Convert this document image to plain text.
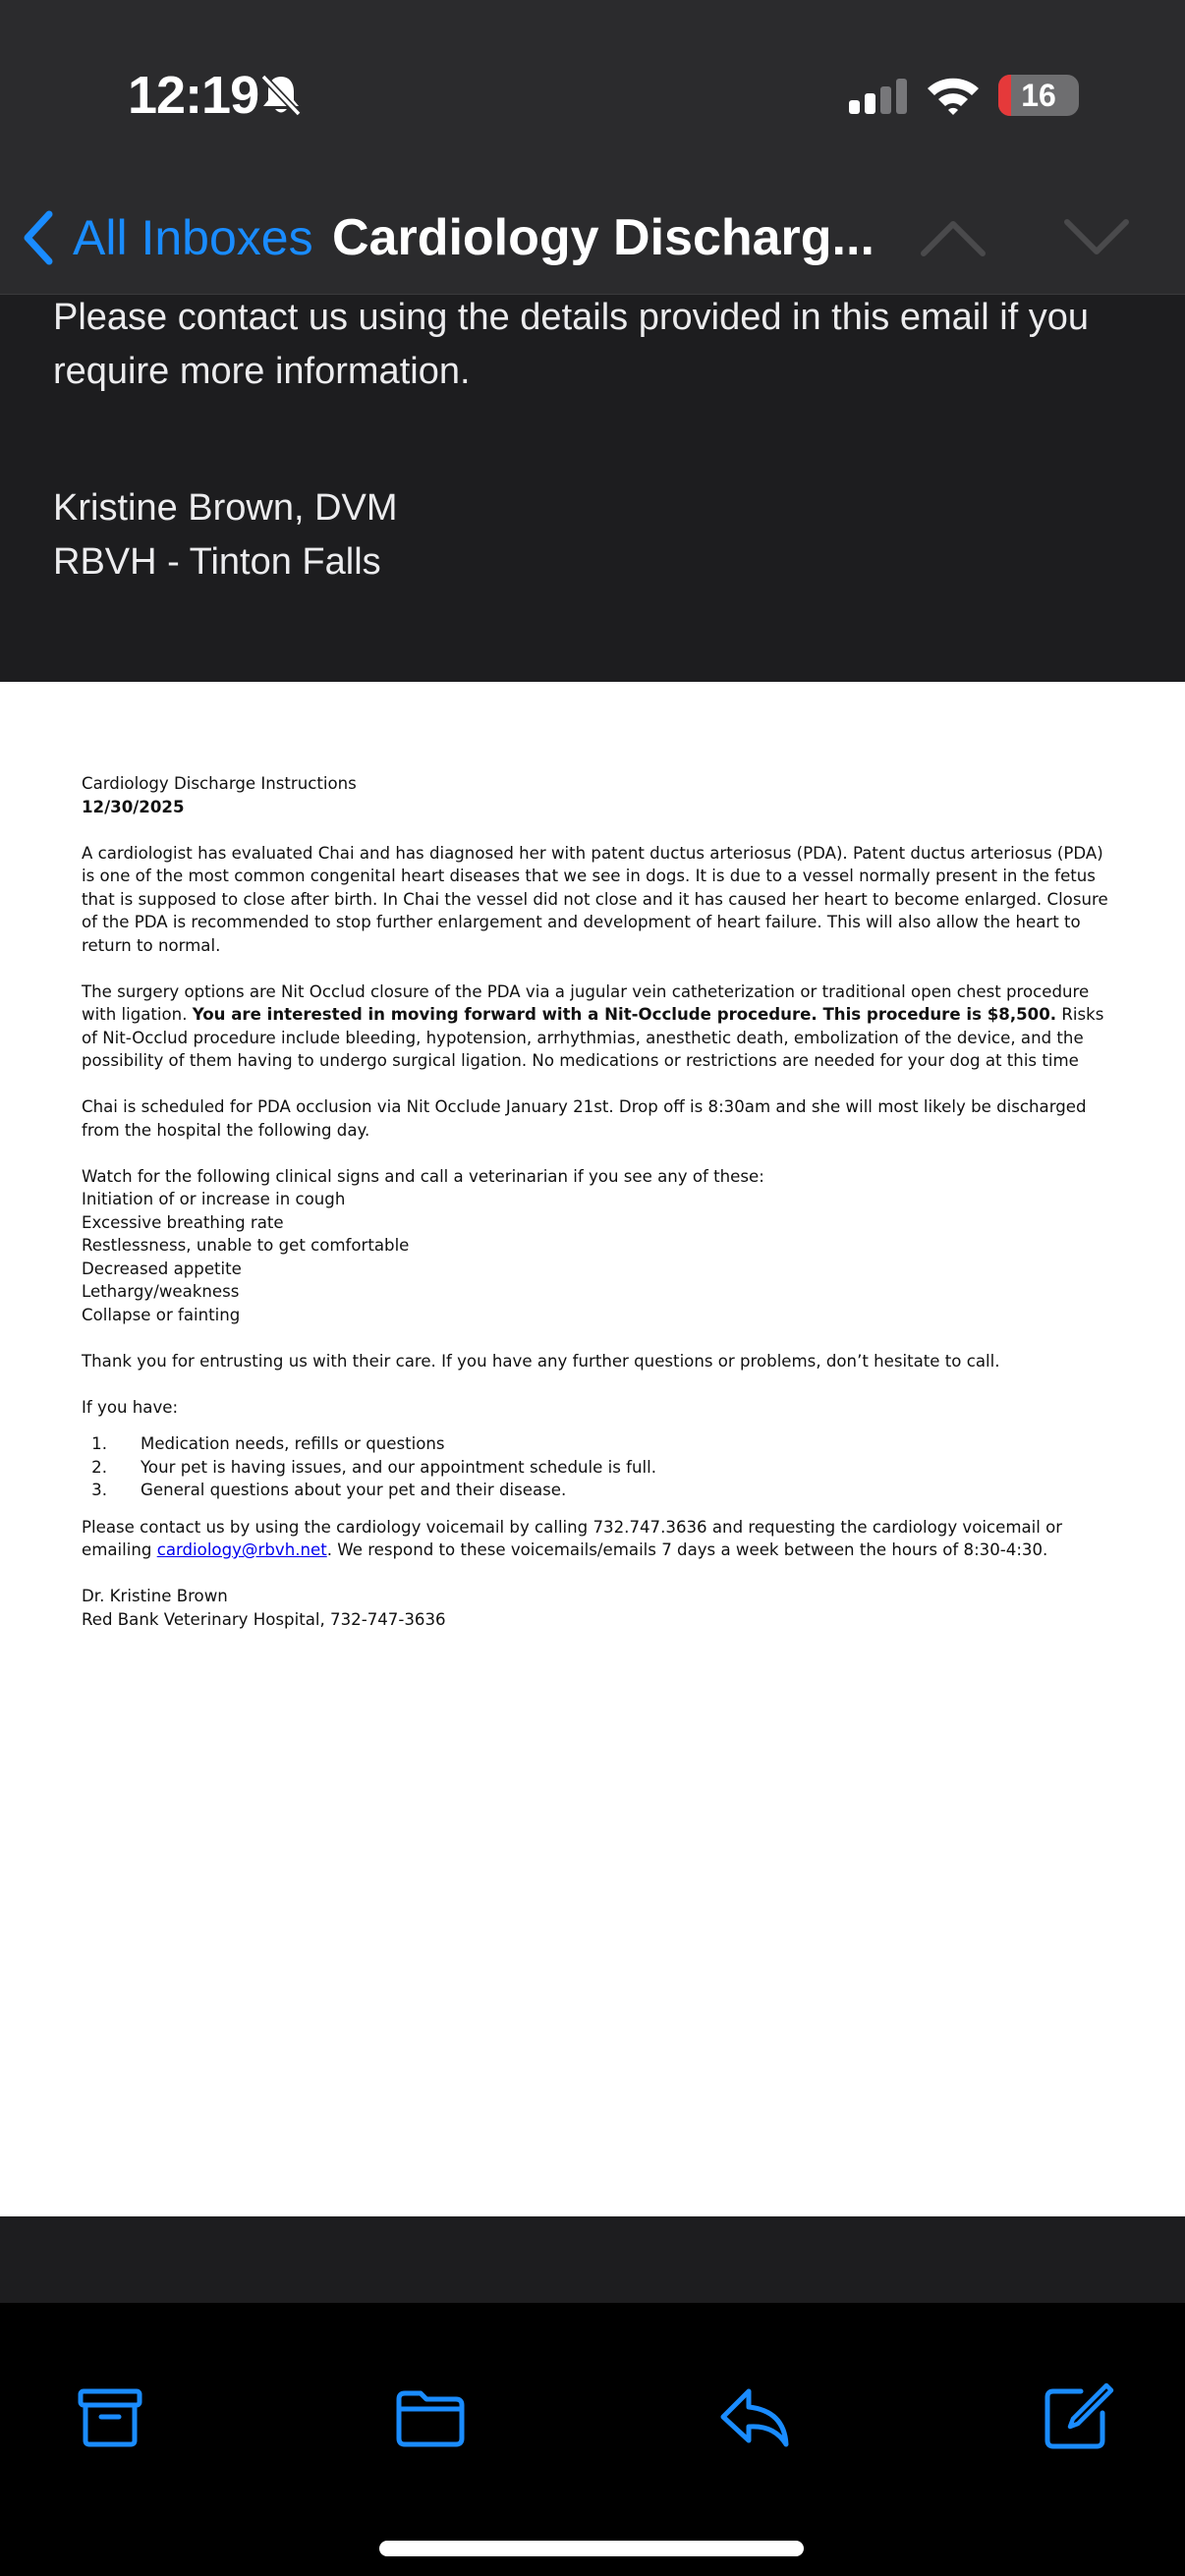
12:19	16
All Inboxes Cardiology Discharg...
Please contact us using the details provided in this email if you require more information.
Kristine Brown, DVM
RBVH - Tinton Falls

Cardiology Discharge Instructions

12/30/2025

A cardiologist has evaluated Chai and has diagnosed her with patent ductus arteriosus (PDA). Patent ductus arteriosus (PDA) is one of the most common congenital heart diseases that we see in dogs. It is due to a vessel normally present in the fetus that is supposed to close after birth. In Chai the vessel did not close and it has caused her heart to become enlarged. Closure of the PDA is recommended to stop further enlargement and development of heart failure. This will also allow the heart to return to normal.

The surgery options are Nit Occlud closure of the PDA via a jugular vein catheterization or traditional open chest procedure with ligation. You are interested in moving forward with a Nit-Occlude procedure. This procedure is $8,500. Risks of Nit-Occlud procedure include bleeding, hypotension, arrhythmias, anesthetic death, embolization of the device, and the possibility of them having to undergo surgical ligation. No medications or restrictions are needed for your dog at this time

Chai is scheduled for PDA occlusion via Nit Occlude January 21st. Drop off is 8:30am and she will most likely be discharged from the hospital the following day.

Watch for the following clinical signs and call a veterinarian if you see any of these:

Initiation of or increase in cough

Excessive breathing rate

Restlessness, unable to get comfortable

Decreased appetite

Lethargy/weakness

Collapse or fainting

Thank you for entrusting us with their care. If you have any further questions or problems, don’t hesitate to call.

If you have:

1. Medication needs, refills or questions
2. Your pet is having issues, and our appointment schedule is full.
3. General questions about your pet and their disease.

Please contact us by using the cardiology voicemail by calling 732.747.3636 and requesting the cardiology voicemail or emailing cardiology@rbvh.net. We respond to these voicemails/emails 7 days a week between the hours of 8:30-4:30.

Dr. Kristine Brown

Red Bank Veterinary Hospital, 732-747-3636
